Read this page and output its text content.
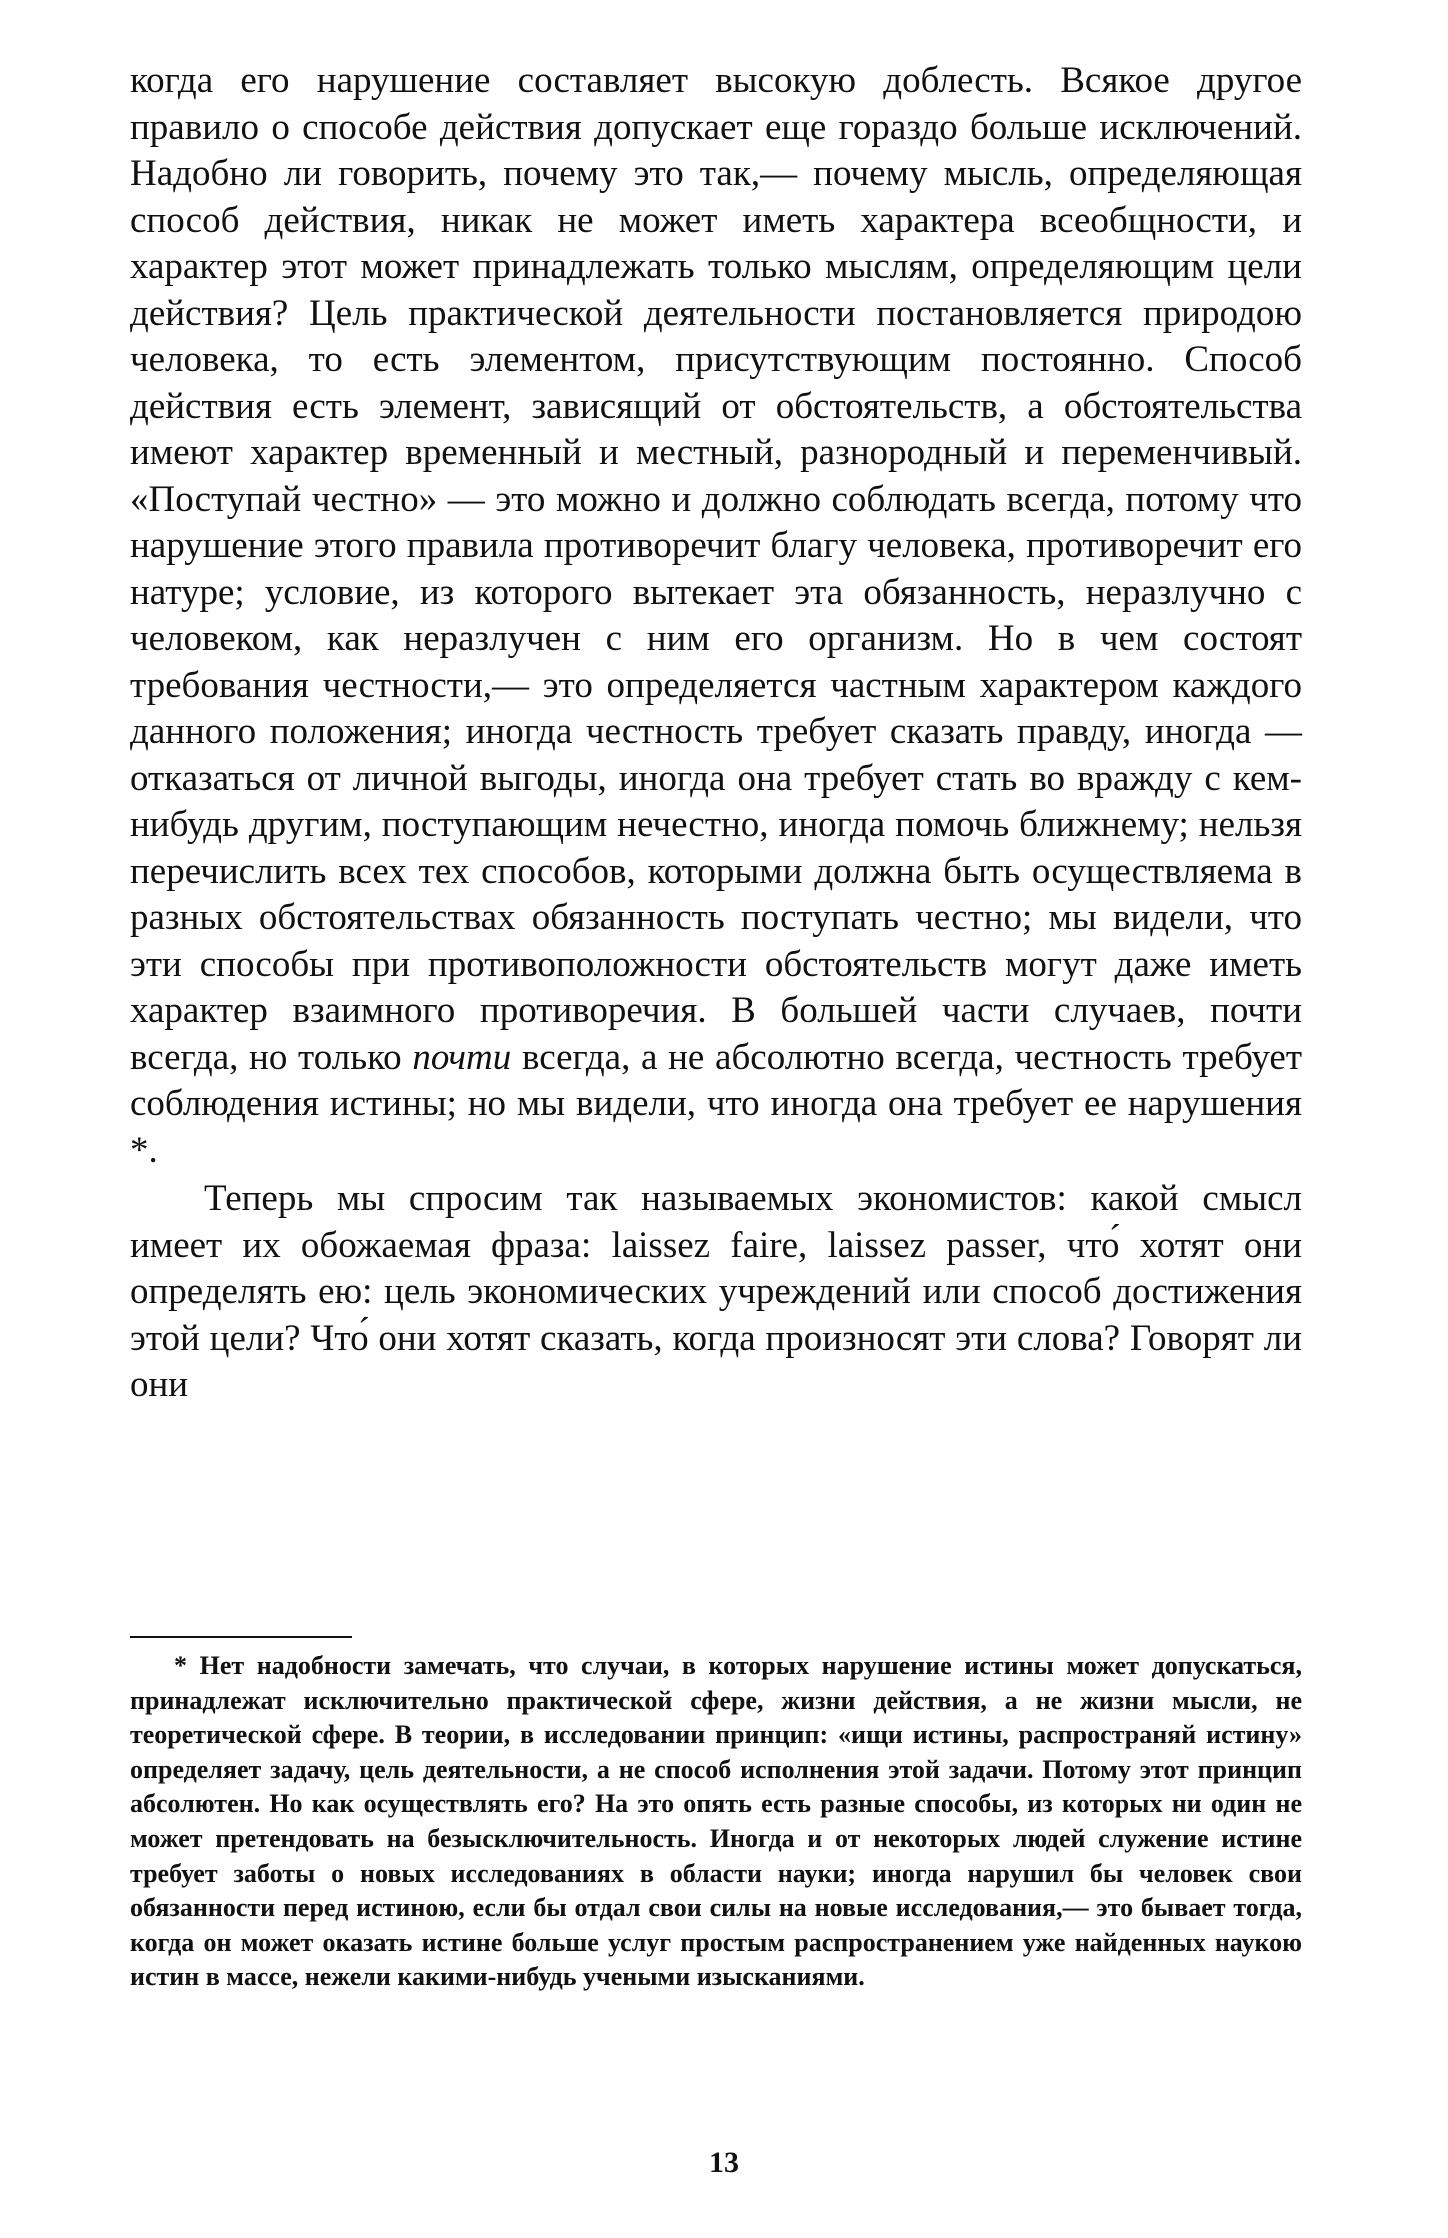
когда его нарушение составляет высокую доблесть. Всякое другое правило о способе действия допускает еще гораздо больше исключений. Надобно ли говорить, почему это так,— почему мысль, определяющая способ действия, никак не может иметь характера всеобщности, и характер этот может принадлежать только мыслям, определяющим цели действия? Цель практической деятельности постановляется природою человека, то есть элементом, присутствующим постоянно. Способ действия есть элемент, зависящий от обстоятельств, а обстоятельства имеют характер временный и местный, разнородный и переменчивый. «Поступай честно» — это можно и должно соблюдать всегда, потому что нарушение этого правила противоречит благу человека, противоречит его натуре; условие, из которого вытекает эта обязанность, неразлучно с человеком, как неразлучен с ним его организм. Но в чем состоят требования честности,— это определяется частным характером каждого данного положения; иногда честность требует сказать правду, иногда — отказаться от личной выгоды, иногда она требует стать во вражду с кем-нибудь другим, поступающим нечестно, иногда помочь ближнему; нельзя перечислить всех тех способов, которыми должна быть осуществляема в разных обстоятельствах обязанность поступать честно; мы видели, что эти способы при противоположности обстоятельств могут даже иметь характер взаимного противоречия. В большей части случаев, почти всегда, но только почти всегда, а не абсолютно всегда, честность требует соблюдения истины; но мы видели, что иногда она требует ее нарушения *.

Теперь мы спросим так называемых экономистов: какой смысл имеет их обожаемая фраза: laissez faire, laissez passer, что́ хотят они определять ею: цель экономических учреждений или способ достижения этой цели? Что́ они хотят сказать, когда произносят эти слова? Говорят ли они

* Нет надобности замечать, что случаи, в которых нарушение истины может допускаться, принадлежат исключительно практической сфере, жизни действия, а не жизни мысли, не теоретической сфере. В теории, в исследовании принцип: «ищи истины, распространяй истину» определяет задачу, цель деятельности, а не способ исполнения этой задачи. Потому этот принцип абсолютен. Но как осуществлять его? На это опять есть разные способы, из которых ни один не может претендовать на безысключительность. Иногда и от некоторых людей служение истине требует заботы о новых исследованиях в области науки; иногда нарушил бы человек свои обязанности перед истиною, если бы отдал свои силы на новые исследования,— это бывает тогда, когда он может оказать истине больше услуг простым распространением уже найденных наукою истин в массе, нежели какими-нибудь учеными изысканиями.

13
